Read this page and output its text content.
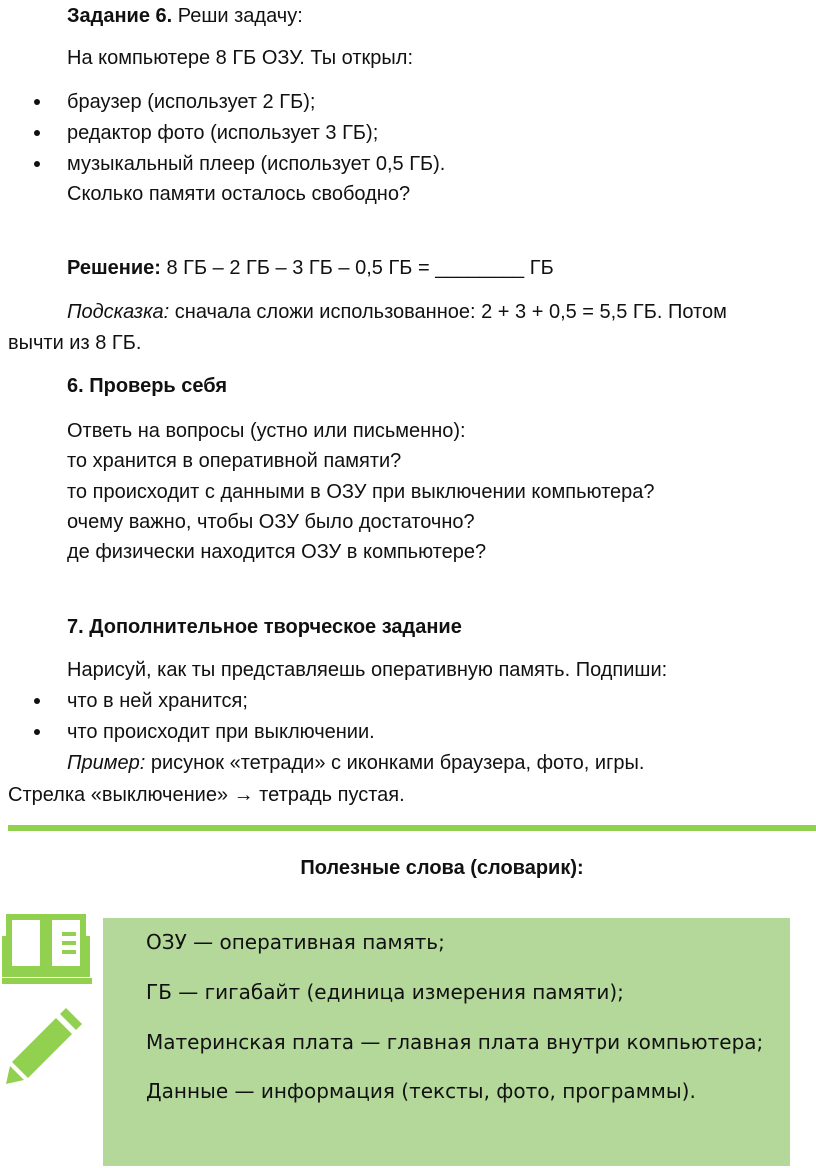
Задание 6. Реши задачу:
На компьютере 8 ГБ ОЗУ. Ты открыл:
браузер (использует 2 ГБ);
редактор фото (использует 3 ГБ);
музыкальный плеер (использует 0,5 ГБ).
Сколько памяти осталось свободно?
Решение: 8 ГБ – 2 ГБ – 3 ГБ – 0,5 ГБ = ________ ГБ
Подсказка: сначала сложи использованное: 2 + 3 + 0,5 = 5,5 ГБ. Потом
вычти из 8 ГБ.
6. Проверь себя
Ответь на вопросы (устно или письменно):
то хранится в оперативной памяти?
то происходит с данными в ОЗУ при выключении компьютера?
очему важно, чтобы ОЗУ было достаточно?
де физически находится ОЗУ в компьютере?
7. Дополнительное творческое задание
Нарисуй, как ты представляешь оперативную память. Подпиши:
что в ней хранится;
что происходит при выключении.
Пример: рисунок «тетради» с иконками браузера, фото, игры.
Стрелка «выключение» → тетрадь пустая.
Полезные слова (словарик):
ОЗУ — оперативная память;
ГБ — гигабайт (единица измерения памяти);
Материнская плата — главная плата внутри компьютера;
Данные — информация (тексты, фото, программы).
